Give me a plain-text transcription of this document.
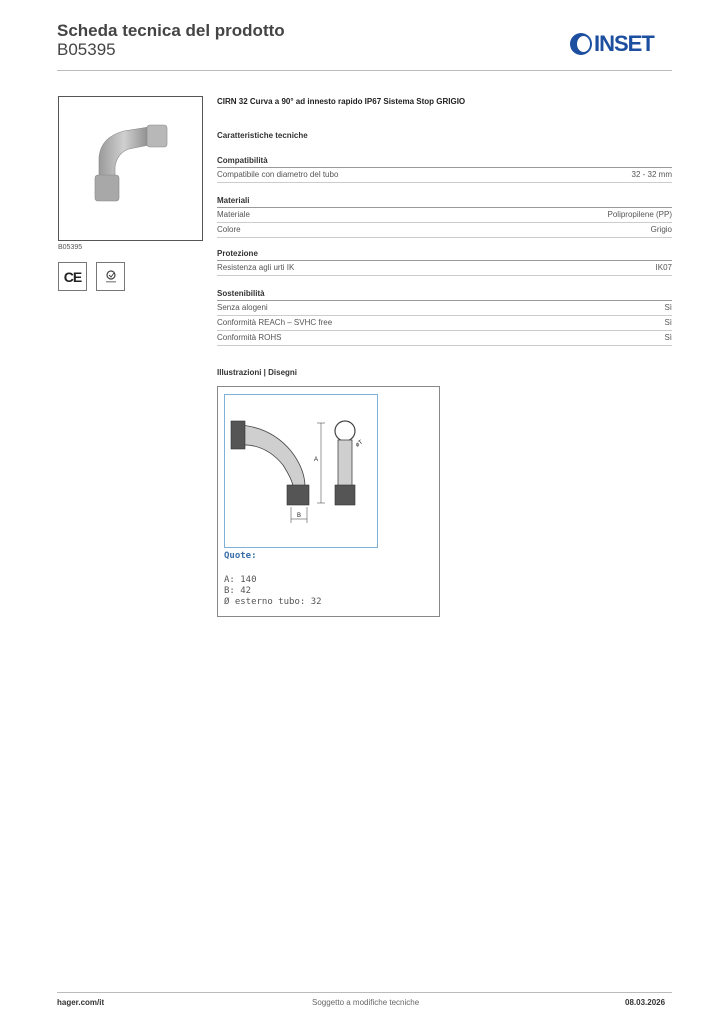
Scheda tecnica del prodotto
B05395	INSET
B05395
CE
CIRN 32 Curva a 90° ad innesto rapido IP67 Sistema Stop GRIGIO
Caratteristiche tecniche
Compatibilità
Compatibile con diametro del tubo	32 - 32 mm
Materiali
Materiale	Polipropilene (PP)
Colore	Grigio
Protezione
Resistenza agli urti IK	IK07
Sostenibilità
Senza alogeni	Sì
Conformità REACh – SVHC free	Sì
Conformità ROHS	Sì
Illustrazioni | Disegni
B
A
øT
Quote:
A: 140
B: 42
Ø esterno tubo: 32
hager.com/it	Soggetto a modifiche tecniche	08.03.2026
